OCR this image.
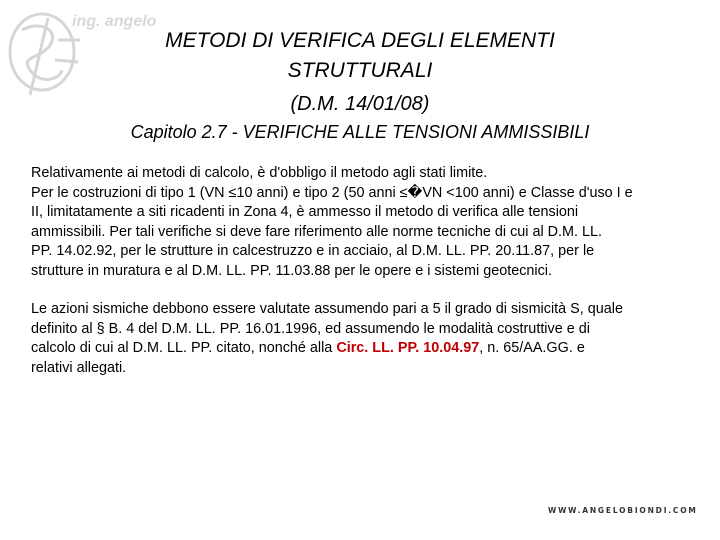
ing. angelo
METODI DI VERIFICA DEGLI ELEMENTI
STRUTTURALI
(D.M. 14/01/08)
Capitolo 2.7 - VERIFICHE ALLE TENSIONI AMMISSIBILI

Relativamente ai metodi di calcolo, è d'obbligo il metodo agli stati limite.
Per le costruzioni di tipo 1 (VN ≤10 anni) e tipo 2 (50 anni ≤�VN <100 anni) e Classe d'uso I e
II, limitatamente a siti ricadenti in Zona 4, è ammesso il metodo di verifica alle tensioni
ammissibili. Per tali verifiche si deve fare riferimento alle norme tecniche di cui al D.M. LL.
PP. 14.02.92, per le strutture in calcestruzzo e in acciaio, al D.M. LL. PP. 20.11.87, per le
strutture in muratura e al D.M. LL. PP. 11.03.88 per le opere e i sistemi geotecnici.

Le azioni sismiche debbono essere valutate assumendo pari a 5 il grado di sismicità S, quale
definito al § B. 4 del D.M. LL. PP. 16.01.1996, ed assumendo le modalità costruttive e di
calcolo di cui al D.M. LL. PP. citato, nonché alla Circ. LL. PP. 10.04.97, n. 65/AA.GG. e
relativi allegati.

WWW.ANGELOBIONDI.COM
